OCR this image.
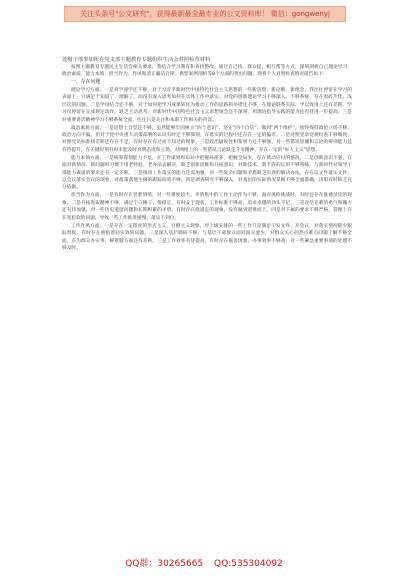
关注头条号"公文研究"，获得最新最全最专业的公文资料库！ 微信：gongwenyj
处级干部参加所在党支部主题教育专题组织生活会对照检查材料

按照主题教育专题民主生活会相关要求，我结合学习教育和查找整改，通过自己找、群众提、相互帮等方式，深刻剖析自己理论学习、政治素质、能力本领、担当作为、作风和清正廉洁自律、典型案例剖析等8个方面的突出问题。现将个人对照检查情况报告如下：

一、存在问题

理论学习方面。一是真学深学还不够。对于习近平新时代中国特色社会主义思想的一些新思想、新论断、新理念，我往往停留在学习的表面上，只满足于知道了、理解了，而没有深入思考如何在具体工作中落实。对党的创新理论学习不够深入、不够系统，存在着碎片化、浅层次的问题。二是学用结合还不够。对于如何把学习成果转化为推动工作的思路和举措还不够，在理论联系实际、学以致用上还有差距。学习仅停留在完成规定动作，缺乏主动思考，对新时代中国特色社会主义思想领会还不深刻，用理论指导实践的能力还有待进一步提高。三是对重要讲话精神学习不够系统全面，往往只是关注和本职工作相关的内容。

政治素质方面。一是思想上自觉还不够，虽然能够牢固树立“四个意识”、坚定“四个自信”、做到“两个维护”，始终保持政治立场不移、政治方向不偏，但对于党中央重大决策部署的认识有时还不够深刻，在落实的过程中还存在一定的偏差。二是对照党章党规检查不够细致，对照党员标准找差距还存在不足，有时存在有过而不知过的现象。三是政治敏锐性和鉴别力还不够强，对一些错误思潮和言论的辨别能力还有待提升，在关键时刻有时未能及时亮明态度和立场。对网络上的一些错误言论缺乏斗争精神，存在一定的“好人主义”思想。

能力本领方面。一是统筹谋划能力不足，在工作谋划和布局中把握局部多、把握全局少，存在被动应付的情况。二是创新意识不强，在面对新情况、新问题时习惯于用老经验、老办法去解决，缺乏创新思维和开拓意识，对新技术、新手段的运用不够熟练，与新时代对领导干部能力素质的要求还有一定差距。三是推动工作落实的能力还需加强，对一些复杂问题和矛盾缺乏有效的解决办法，存在以文件落实文件、以会议落实会议的现象，对政策落地生根的跟踪问效不够。四是调查研究不够深入，对基层的实际情况掌握不够全面准确，决策有时缺乏充分依据。

担当作为方面。一是有时存在畏难情绪，对一些难度较大、矛盾集中的工作主动作为不够，面对风险挑战时，有时还存在推诿扯皮的现象。二是开拓进取精神不够，满足于守摊子、保稳定，有时安于现状，工作标准不够高，追求卓越的劲头不足。三是攻坚克难的勇气和魄力还有待加强，对一些历史遗留问题和长期积累的矛盾，有时存在绕道走的现象，没有做到迎难而上。四是对下属的要求不够严格，管理上存在宽松软的问题，导致一些工作推进缓慢、落实不到位。

工作作风方面。一是存在一定程度的形式主义、官僚主义现象，对上级安排的一些工作只是满足于发文件、开会议，对落实情况缺少跟踪督促，有时存在重痕迹轻实效的问题。二是深入基层调研不够，与基层干部群众面对面交流少，对群众关心的热点难点问题了解不够全面，在为群众办实事、解难题方面还有差距。三是工作效率有待提高，有时存在拖沓现象，办事效率不够高，对一些紧急重要事项的处理不够及时。

QQ群：30265665 QQ:535304092
